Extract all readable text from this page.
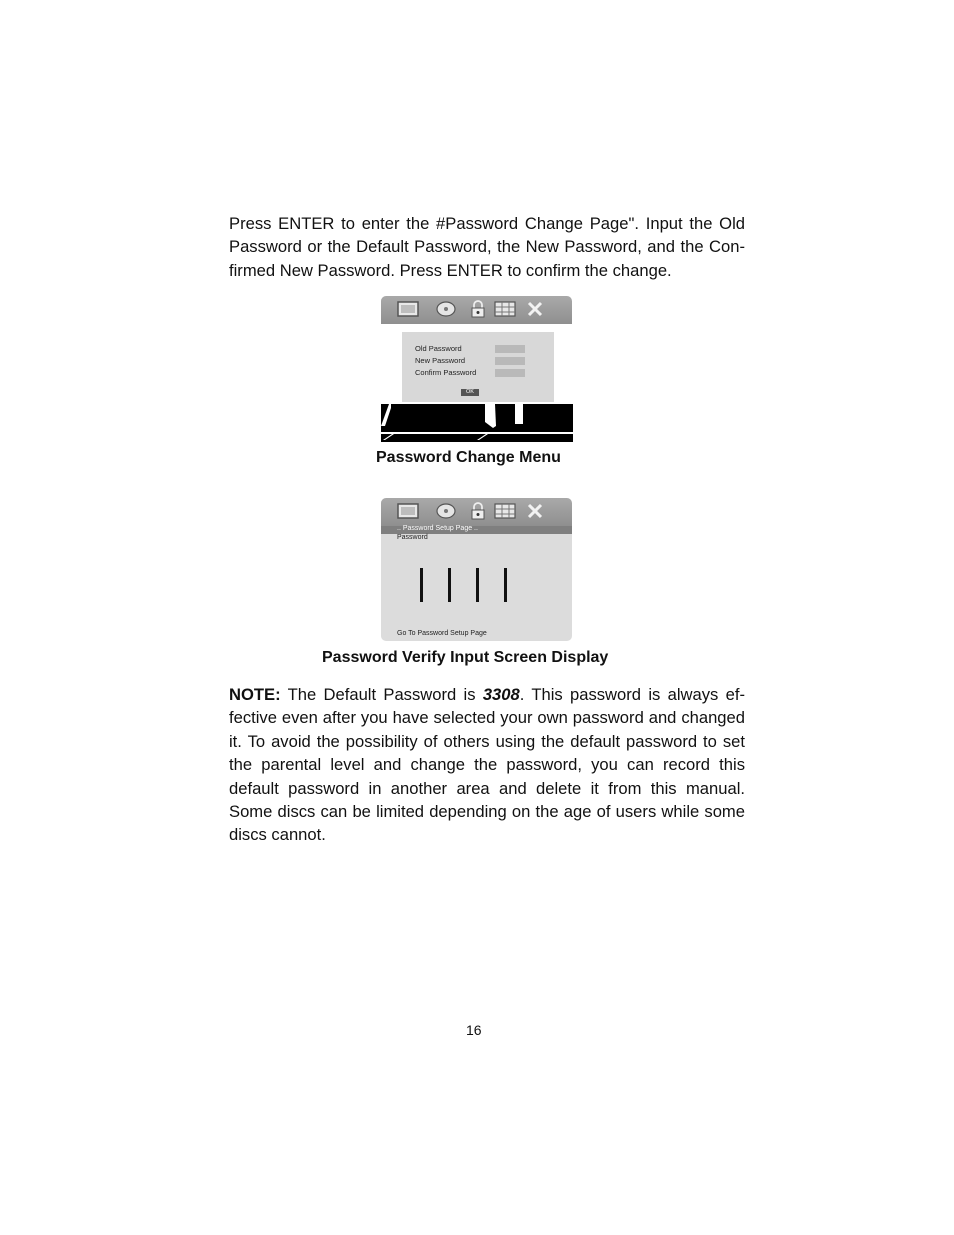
Press ENTER to enter the #Password Change Page". Input the Old Password or the Default Password, the New Password, and the Con-firmed New Password. Press ENTER to confirm the change.

Old Password
New Password
Confirm Password
OK
Password Change Menu
.. Password Setup Page ..
Password
Go To Password Setup Page
Password Verify Input Screen Display

NOTE: The Default Password is 3308. This password is always ef-fective even after you have selected your own password and changed it. To avoid the possibility of others using the default password to set the parental level and change the password, you can record this default password in another area and delete it from this manual. Some discs can be limited depending on the age of users while some discs cannot.

16
